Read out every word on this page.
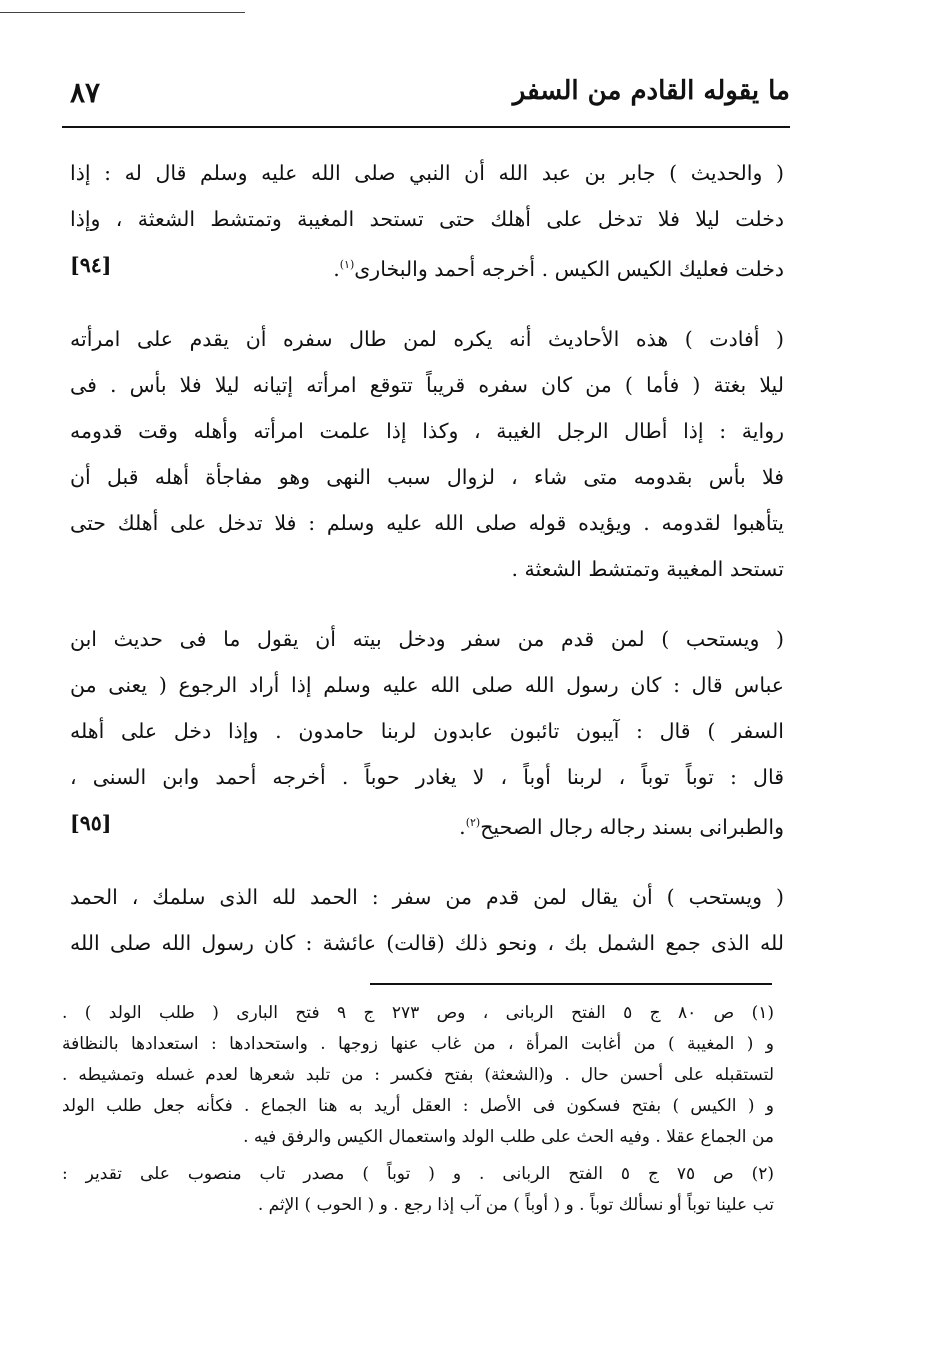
ما يقوله القادم من السفر
٨٧

( والحديث ) جابر بن عبد الله أن النبي صلى الله عليه وسلم قال له : إذا
دخلت ليلا فلا تدخل على أهلك حتى تستحد المغيبة وتمتشط الشعثة ، وإذا
دخلت فعليك الكيس الكيس . أخرجه أحمد والبخارى$^{(١)}$.
[٩٤]

( أفادت ) هذه الأحاديث أنه يكره لمن طال سفره أن يقدم على امرأته
ليلا بغتة ( فأما ) من كان سفره قريباً تتوقع امرأته إتيانه ليلا فلا بأس . فى
رواية : إذا أطال الرجل الغيبة ، وكذا إذا علمت امرأته وأهله وقت قدومه
فلا بأس بقدومه متى شاء ، لزوال سبب النهى وهو مفاجأة أهله قبل أن
يتأهبوا لقدومه . ويؤيده قوله صلى الله عليه وسلم : فلا تدخل على أهلك حتى
تستحد المغيبة وتمتشط الشعثة .

( ويستحب ) لمن قدم من سفر ودخل بيته أن يقول ما فى حديث ابن
عباس قال : كان رسول الله صلى الله عليه وسلم إذا أراد الرجوع ( يعنى من
السفر ) قال : آيبون تائبون عابدون لربنا حامدون . وإذا دخل على أهله
قال : توباً توباً ، لربنا أوباً ، لا يغادر حوباً . أخرجه أحمد وابن السنى ،
والطبرانى بسند رجاله رجال الصحيح$^{(٢)}$.
[٩٥]

( ويستحب ) أن يقال لمن قدم من سفر : الحمد لله الذى سلمك ، الحمد
لله الذى جمع الشمل بك ، ونحو ذلك (قالت) عائشة : كان رسول الله صلى الله

(١) ص ٨٠ ج ٥ الفتح الربانى ، وص ٢٧٣ ج ٩ فتح البارى ( طلب الولد ) .
و ( المغيبة ) من أغابت المرأة ، من غاب عنها زوجها . واستحدادها : استعدادها بالنظافة
لتستقبله على أحسن حال . و(الشعثة) بفتح فكسر : من تلبد شعرها لعدم غسله وتمشيطه .
و ( الكيس ) بفتح فسكون فى الأصل : العقل أريد به هنا الجماع . فكأنه جعل طلب الولد
من الجماع عقلا . وفيه الحث على طلب الولد واستعمال الكيس والرفق فيه .

(٢) ص ٧٥ ج ٥ الفتح الربانى . و ( توباً ) مصدر تاب منصوب على تقدير :
تب علينا توباً أو نسألك توباً . و ( أوباً ) من آب إذا رجع . و ( الحوب ) الإثم .
